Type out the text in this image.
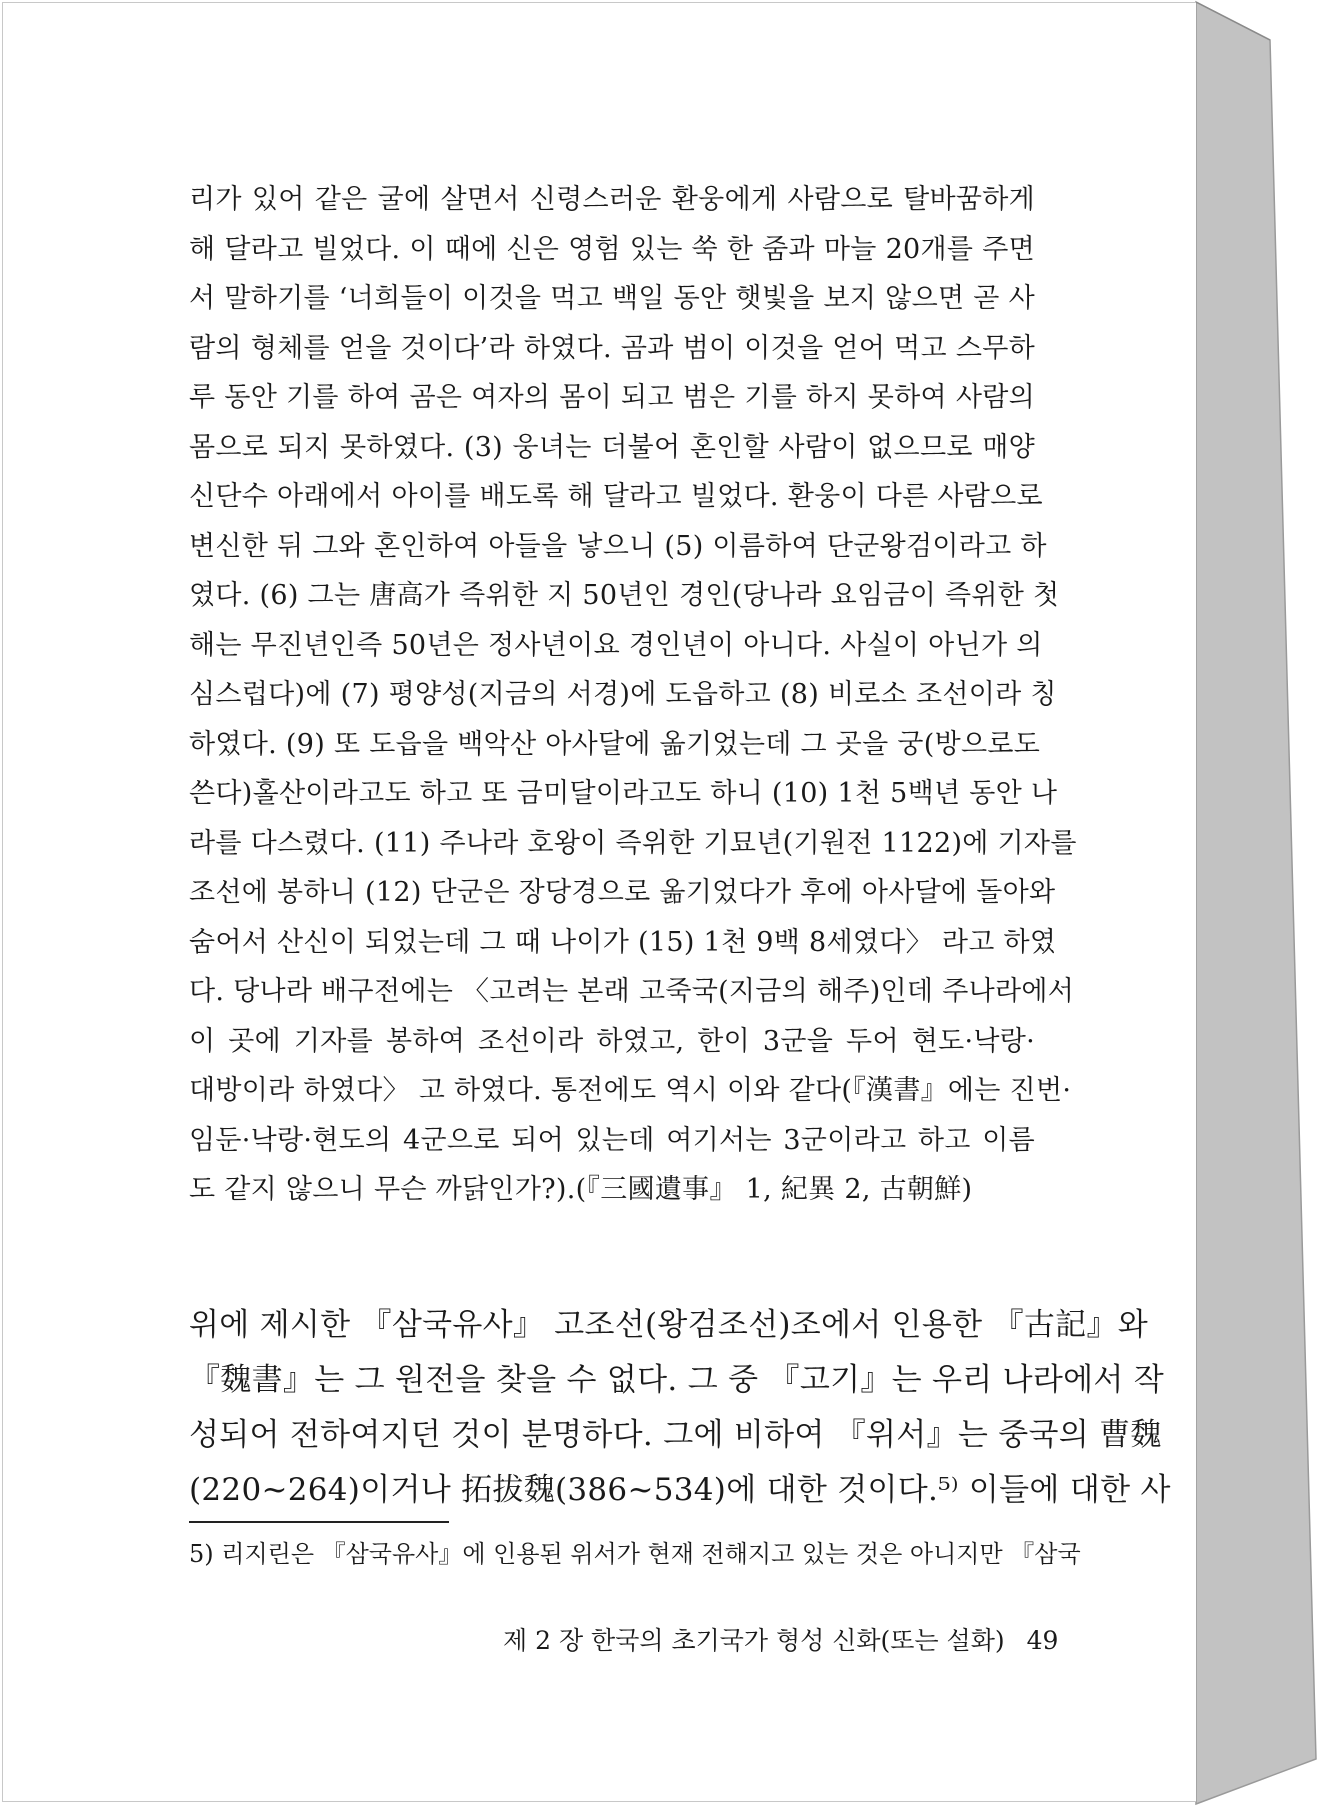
리가 있어 같은 굴에 살면서 신령스러운 환웅에게 사람으로 탈바꿈하게
해 달라고 빌었다. 이 때에 신은 영험 있는 쑥 한 줌과 마늘 20개를 주면
서 말하기를 ‘너희들이 이것을 먹고 백일 동안 햇빛을 보지 않으면 곧 사
람의 형체를 얻을 것이다’라 하였다. 곰과 범이 이것을 얻어 먹고 스무하
루 동안 기를 하여 곰은 여자의 몸이 되고 범은 기를 하지 못하여 사람의
몸으로 되지 못하였다. (3) 웅녀는 더불어 혼인할 사람이 없으므로 매양
신단수 아래에서 아이를 배도록 해 달라고 빌었다. 환웅이 다른 사람으로
변신한 뒤 그와 혼인하여 아들을 낳으니 (5) 이름하여 단군왕검이라고 하
였다. (6) 그는 唐高가 즉위한 지 50년인 경인(당나라 요임금이 즉위한 첫
해는 무진년인즉 50년은 정사년이요 경인년이 아니다. 사실이 아닌가 의
심스럽다)에 (7) 평양성(지금의 서경)에 도읍하고 (8) 비로소 조선이라 칭
하였다. (9) 또 도읍을 백악산 아사달에 옮기었는데 그 곳을 궁(방으로도
쓴다)홀산이라고도 하고 또 금미달이라고도 하니 (10) 1천 5백년 동안 나
라를 다스렸다. (11) 주나라 호왕이 즉위한 기묘년(기원전 1122)에 기자를
조선에 봉하니 (12) 단군은 장당경으로 옮기었다가 후에 아사달에 돌아와
숨어서 산신이 되었는데 그 때 나이가 (15) 1천 9백 8세였다〉 라고 하였
다. 당나라 배구전에는 〈고려는 본래 고죽국(지금의 해주)인데 주나라에서
이 곳에 기자를 봉하여 조선이라 하였고, 한이 3군을 두어 현도·낙랑·
대방이라 하였다〉 고 하였다. 통전에도 역시 이와 같다(『漢書』에는 진번·
임둔·낙랑·현도의 4군으로 되어 있는데 여기서는 3군이라고 하고 이름
도 같지 않으니 무슨 까닭인가?).(『三國遺事』 1, 紀異 2, 古朝鮮)
위에 제시한 『삼국유사』 고조선(왕검조선)조에서 인용한 『古記』와
『魏書』는 그 원전을 찾을 수 없다. 그 중 『고기』는 우리 나라에서 작
성되어 전하여지던 것이 분명하다. 그에 비하여 『위서』는 중국의 曹魏
(220~264)이거나 拓拔魏(386~534)에 대한 것이다.⁵⁾ 이들에 대한 사
5) 리지린은 『삼국유사』에 인용된 위서가 현재 전해지고 있는 것은 아니지만 『삼국
제 2 장 한국의 초기국가 형성 신화(또는 설화) 49
